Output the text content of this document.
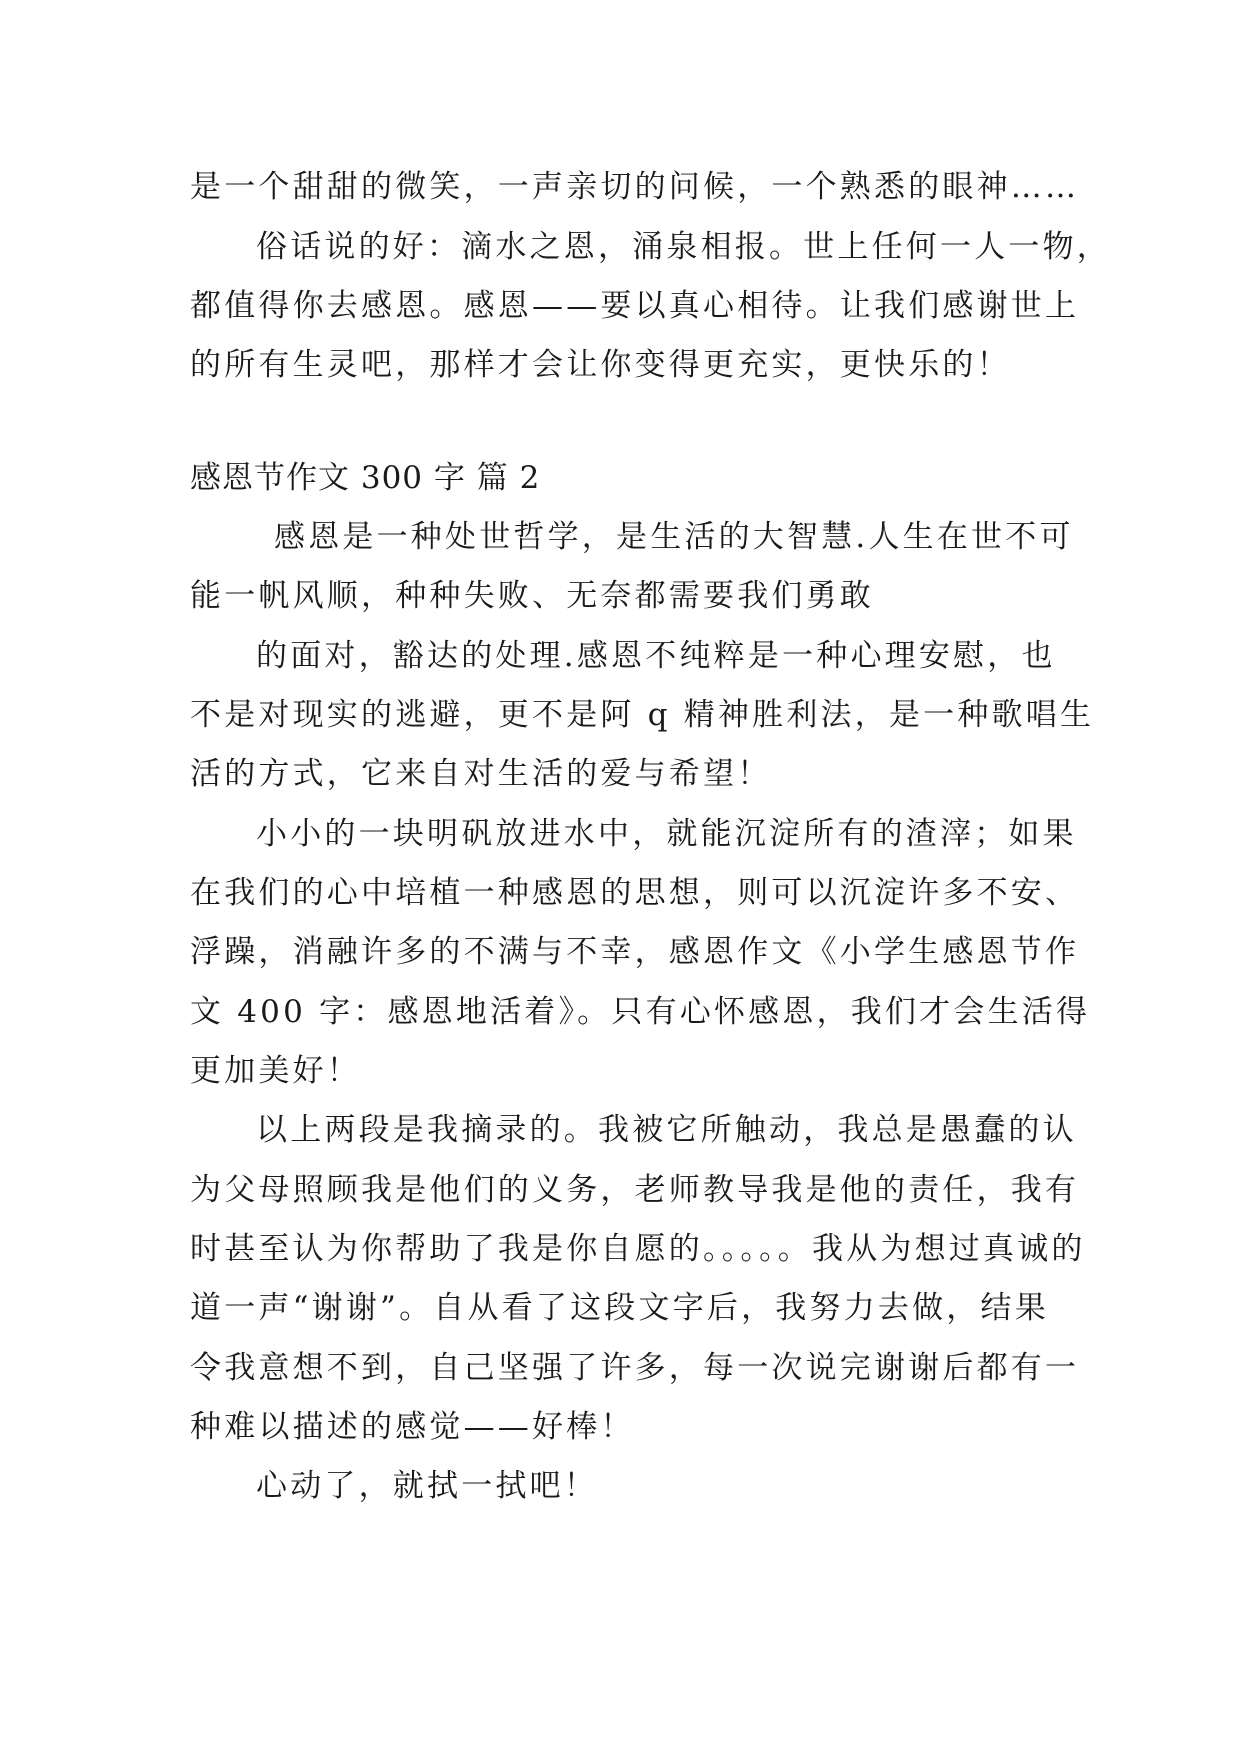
是一个甜甜的微笑，一声亲切的问候，一个熟悉的眼神……
俗话说的好：滴水之恩，涌泉相报。世上任何一人一物，
都值得你去感恩。感恩——要以真心相待。让我们感谢世上
的所有生灵吧，那样才会让你变得更充实，更快乐的！
感恩节作文 300 字 篇 2
感恩是一种处世哲学，是生活的大智慧.人生在世不可
能一帆风顺，种种失败、无奈都需要我们勇敢
的面对，豁达的处理.感恩不纯粹是一种心理安慰，也
不是对现实的逃避，更不是阿 q 精神胜利法，是一种歌唱生
活的方式，它来自对生活的爱与希望！
小小的一块明矾放进水中，就能沉淀所有的渣滓；如果
在我们的心中培植一种感恩的思想，则可以沉淀许多不安、
浮躁，消融许多的不满与不幸，感恩作文《小学生感恩节作
文 400 字：感恩地活着》。只有心怀感恩，我们才会生活得
更加美好！
以上两段是我摘录的。我被它所触动，我总是愚蠢的认
为父母照顾我是他们的义务，老师教导我是他的责任，我有
时甚至认为你帮助了我是你自愿的。。。。。我从为想过真诚的
道一声“谢谢”。自从看了这段文字后，我努力去做，结果
令我意想不到，自己坚强了许多，每一次说完谢谢后都有一
种难以描述的感觉——好棒！
心动了，就拭一拭吧！
